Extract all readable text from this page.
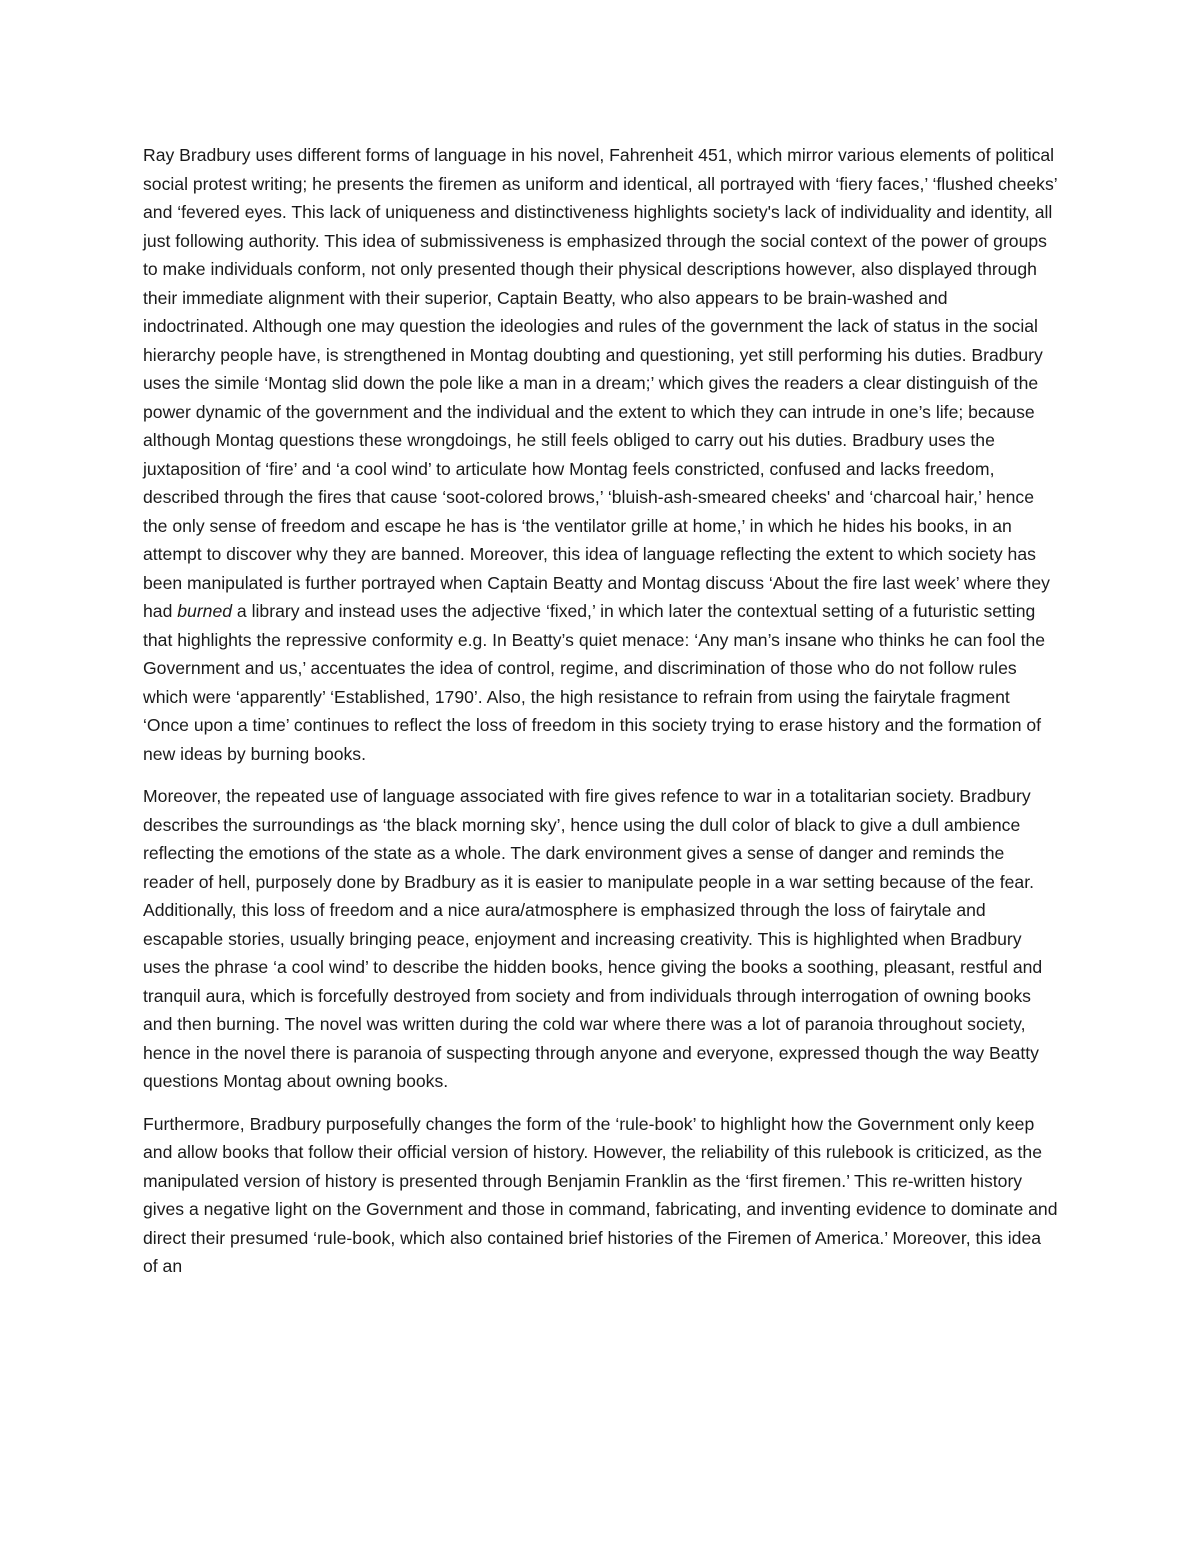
Ray Bradbury uses different forms of language in his novel, Fahrenheit 451, which mirror various elements of political social protest writing; he presents the firemen as uniform and identical, all portrayed with ‘fiery faces,’ ‘flushed cheeks’ and ‘fevered eyes. This lack of uniqueness and distinctiveness highlights society's lack of individuality and identity, all just following authority. This idea of submissiveness is emphasized through the social context of the power of groups to make individuals conform, not only presented though their physical descriptions however, also displayed through their immediate alignment with their superior, Captain Beatty, who also appears to be brain-washed and indoctrinated. Although one may question the ideologies and rules of the government the lack of status in the social hierarchy people have, is strengthened in Montag doubting and questioning, yet still performing his duties. Bradbury uses the simile ‘Montag slid down the pole like a man in a dream;’ which gives the readers a clear distinguish of the power dynamic of the government and the individual and the extent to which they can intrude in one’s life; because although Montag questions these wrongdoings, he still feels obliged to carry out his duties. Bradbury uses the juxtaposition of ‘fire’ and ‘a cool wind’ to articulate how Montag feels constricted, confused and lacks freedom, described through the fires that cause ‘soot-colored brows,’ ‘bluish-ash-smeared cheeks' and ‘charcoal hair,’ hence the only sense of freedom and escape he has is ‘the ventilator grille at home,’ in which he hides his books, in an attempt to discover why they are banned. Moreover, this idea of language reflecting the extent to which society has been manipulated is further portrayed when Captain Beatty and Montag discuss ‘About the fire last week’ where they had burned a library and instead uses the adjective ‘fixed,’ in which later the contextual setting of a futuristic setting that highlights the repressive conformity e.g. In Beatty’s quiet menace: ‘Any man’s insane who thinks he can fool the Government and us,’ accentuates the idea of control, regime, and discrimination of those who do not follow rules which were ‘apparently’ ‘Established, 1790’. Also, the high resistance to refrain from using the fairytale fragment ‘Once upon a time’ continues to reflect the loss of freedom in this society trying to erase history and the formation of new ideas by burning books.

Moreover, the repeated use of language associated with fire gives refence to war in a totalitarian society. Bradbury describes the surroundings as ‘the black morning sky’, hence using the dull color of black to give a dull ambience reflecting the emotions of the state as a whole. The dark environment gives a sense of danger and reminds the reader of hell, purposely done by Bradbury as it is easier to manipulate people in a war setting because of the fear. Additionally, this loss of freedom and a nice aura/atmosphere is emphasized through the loss of fairytale and escapable stories, usually bringing peace, enjoyment and increasing creativity. This is highlighted when Bradbury uses the phrase ‘a cool wind’ to describe the hidden books, hence giving the books a soothing, pleasant, restful and tranquil aura, which is forcefully destroyed from society and from individuals through interrogation of owning books and then burning. The novel was written during the cold war where there was a lot of paranoia throughout society, hence in the novel there is paranoia of suspecting through anyone and everyone, expressed though the way Beatty questions Montag about owning books.

Furthermore, Bradbury purposefully changes the form of the ‘rule-book’ to highlight how the Government only keep and allow books that follow their official version of history. However, the reliability of this rulebook is criticized, as the manipulated version of history is presented through Benjamin Franklin as the ‘first firemen.’ This re-written history gives a negative light on the Government and those in command, fabricating, and inventing evidence to dominate and direct their presumed ‘rule-book, which also contained brief histories of the Firemen of America.’ Moreover, this idea of an
